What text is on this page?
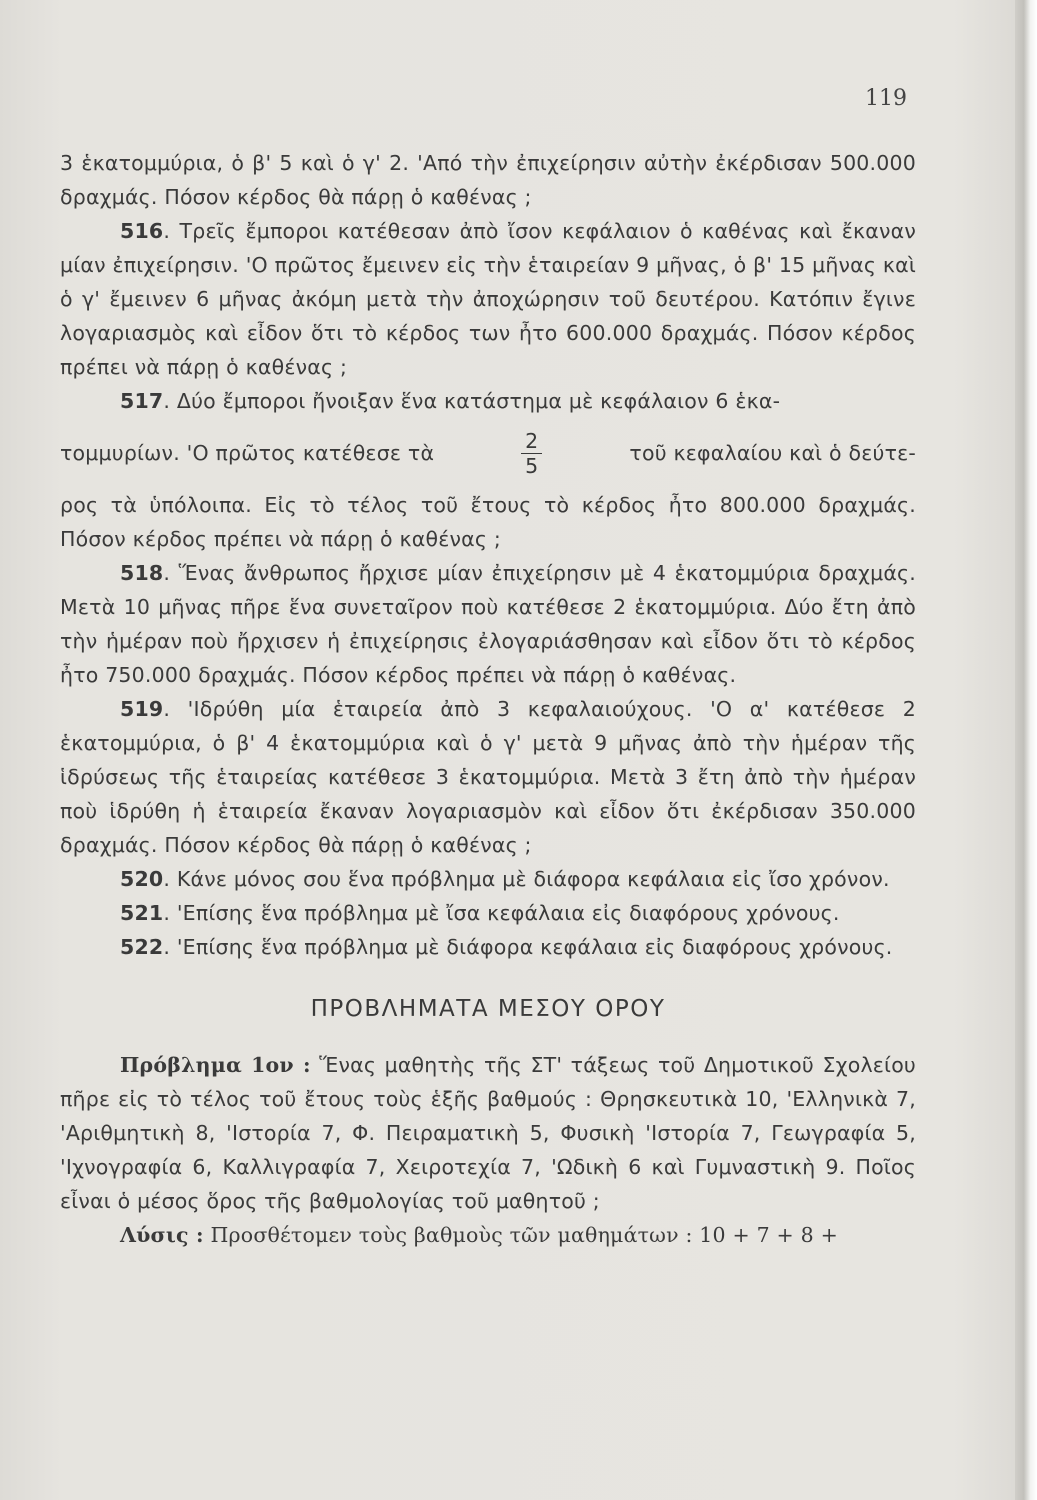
119

3 ἑκατομμύρια, ὁ β' 5 καὶ ὁ γ' 2. 'Από τὴν ἐπιχείρησιν αὐτὴν ἐκέρδισαν 500.000 δραχμάς. Πόσον κέρδος θὰ πάρῃ ὁ καθένας ;

516. Τρεῖς ἔμποροι κατέθεσαν ἀπὸ ἴσον κεφάλαιον ὁ καθένας καὶ ἔκαναν μίαν ἐπιχείρησιν. 'Ο πρῶτος ἔμεινεν εἰς τὴν ἑταιρείαν 9 μῆνας, ὁ β' 15 μῆνας καὶ ὁ γ' ἔμεινεν 6 μῆνας ἀκόμη μετὰ τὴν ἀποχώρησιν τοῦ δευτέρου. Κατόπιν ἔγινε λογαριασμὸς καὶ εἶδον ὅτι τὸ κέρδος των ἦτο 600.000 δραχμάς. Πόσον κέρδος πρέπει νὰ πάρῃ ὁ καθένας ;

517. Δύο ἔμποροι ἤνοιξαν ἕνα κατάστημα μὲ κεφάλαιον 6 ἑκα-

τομμυρίων. 'Ο πρῶτος κατέθεσε τὰ	$\frac{2}{5}$	τοῦ κεφαλαίου καὶ ὁ δεύτε-

ρος τὰ ὑπόλοιπα. Εἰς τὸ τέλος τοῦ ἔτους τὸ κέρδος ἦτο 800.000 δραχμάς. Πόσον κέρδος πρέπει νὰ πάρῃ ὁ καθένας ;

518. Ἕνας ἄνθρωπος ἤρχισε μίαν ἐπιχείρησιν μὲ 4 ἑκατομμύρια δραχμάς. Μετὰ 10 μῆνας πῆρε ἕνα συνεταῖρον ποὺ κατέθεσε 2 ἑκατομμύρια. Δύο ἔτη ἀπὸ τὴν ἡμέραν ποὺ ἤρχισεν ἡ ἐπιχείρησις ἐλογαριάσθησαν καὶ εἶδον ὅτι τὸ κέρδος ἦτο 750.000 δραχμάς. Πόσον κέρδος πρέπει νὰ πάρῃ ὁ καθένας.

519. 'Ιδρύθη μία ἑταιρεία ἀπὸ 3 κεφαλαιούχους. 'Ο α' κατέθεσε 2 ἑκατομμύρια, ὁ β' 4 ἑκατομμύρια καὶ ὁ γ' μετὰ 9 μῆνας ἀπὸ τὴν ἡμέραν τῆς ἱδρύσεως τῆς ἑταιρείας κατέθεσε 3 ἑκατομμύρια. Μετὰ 3 ἔτη ἀπὸ τὴν ἡμέραν ποὺ ἱδρύθη ἡ ἑταιρεία ἔκαναν λογαριασμὸν καὶ εἶδον ὅτι ἐκέρδισαν 350.000 δραχμάς. Πόσον κέρδος θὰ πάρῃ ὁ καθένας ;

520. Κάνε μόνος σου ἕνα πρόβλημα μὲ διάφορα κεφάλαια εἰς ἴσο χρόνον.

521. 'Επίσης ἕνα πρόβλημα μὲ ἴσα κεφάλαια εἰς διαφόρους χρόνους.

522. 'Επίσης ἕνα πρόβλημα μὲ διάφορα κεφάλαια εἰς διαφόρους χρόνους.

ΠΡΟΒΛΗΜΑΤΑ ΜΕΣΟΥ ΟΡΟΥ

Πρόβλημα 1ον : Ἕνας μαθητὴς τῆς ΣΤ' τάξεως τοῦ Δημοτικοῦ Σχολείου πῆρε εἰς τὸ τέλος τοῦ ἔτους τοὺς ἑξῆς βαθμούς : Θρησκευτικὰ 10, 'Ελληνικὰ 7, 'Αριθμητικὴ 8, 'Ιστορία 7, Φ. Πειραματικὴ 5, Φυσικὴ 'Ιστορία 7, Γεωγραφία 5, 'Ιχνογραφία 6, Καλλιγραφία 7, Χειροτεχία 7, 'Ωδικὴ 6 καὶ Γυμναστικὴ 9. Ποῖος εἶναι ὁ μέσος ὅρος τῆς βαθμολογίας τοῦ μαθητοῦ ;

Λύσις : Προσθέτομεν τοὺς βαθμοὺς τῶν μαθημάτων : 10 + 7 + 8 +
